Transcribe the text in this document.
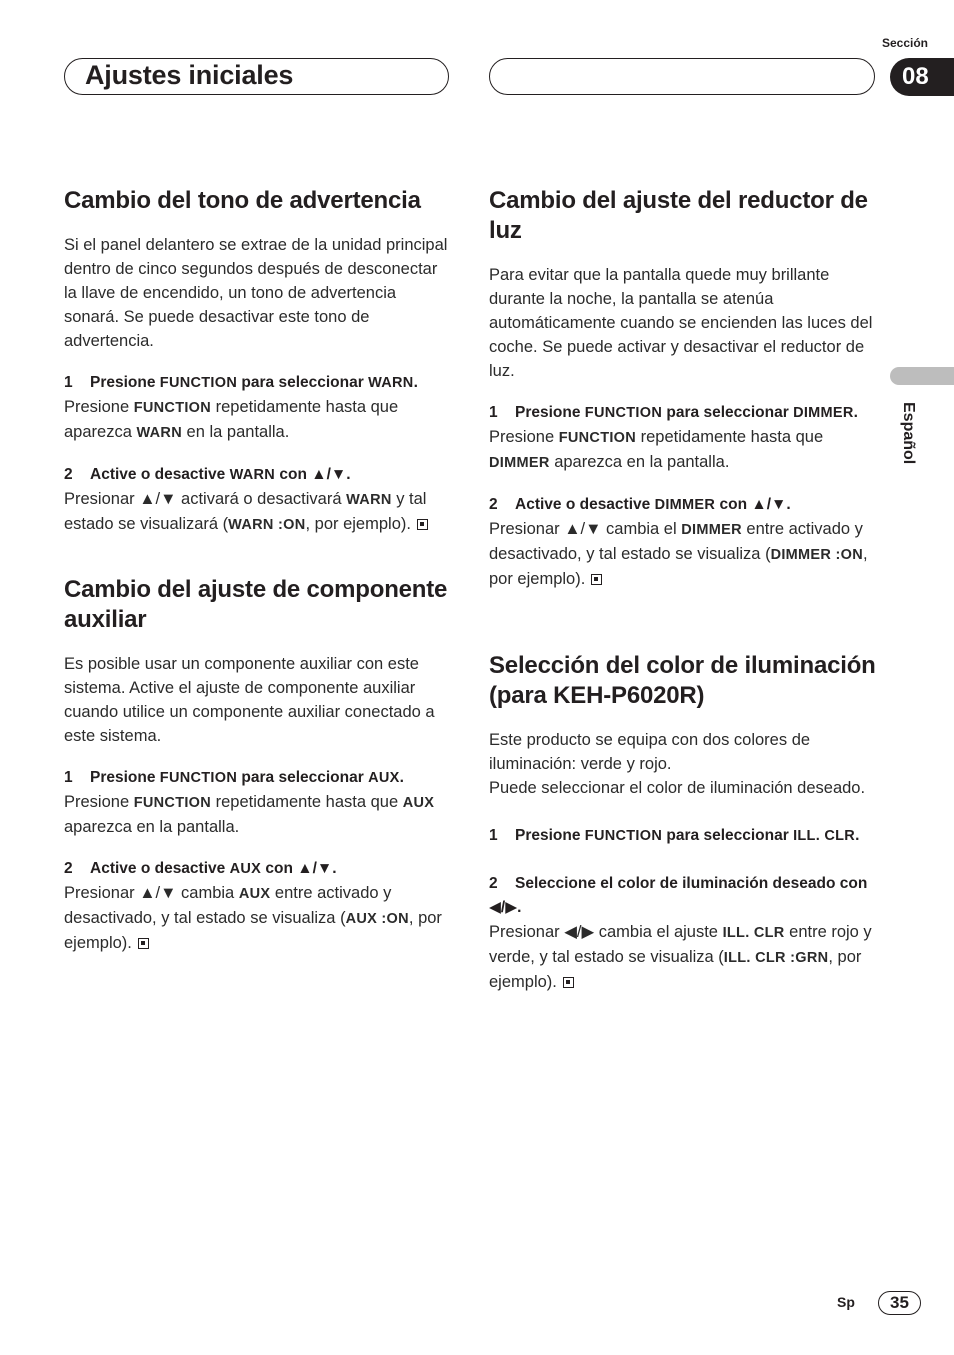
Ajustes iniciales
Sección
08
Español
Cambio del tono de advertencia

Si el panel delantero se extrae de la unidad principal dentro de cinco segundos después de desconectar la llave de encendido, un tono de advertencia sonará. Se puede desactivar este tono de advertencia.

1 Presione FUNCTION para seleccionar WARN.

Presione FUNCTION repetidamente hasta que aparezca WARN en la pantalla.

2 Active o desactive WARN con ▲/▼.

Presionar ▲/▼ activará o desactivará WARN y tal estado se visualizará (WARN :ON, por ejemplo).

Cambio del ajuste de componente auxiliar

Es posible usar un componente auxiliar con este sistema. Active el ajuste de componente auxiliar cuando utilice un componente auxiliar conectado a este sistema.

1 Presione FUNCTION para seleccionar AUX.

Presione FUNCTION repetidamente hasta que AUX aparezca en la pantalla.

2 Active o desactive AUX con ▲/▼.

Presionar ▲/▼ cambia AUX entre activado y desactivado, y tal estado se visualiza (AUX :ON, por ejemplo).

Cambio del ajuste del reductor de luz

Para evitar que la pantalla quede muy brillante durante la noche, la pantalla se atenúa automáticamente cuando se encienden las luces del coche. Se puede activar y desactivar el reductor de luz.

1 Presione FUNCTION para seleccionar DIMMER.

Presione FUNCTION repetidamente hasta que DIMMER aparezca en la pantalla.

2 Active o desactive DIMMER con ▲/▼.

Presionar ▲/▼ cambia el DIMMER entre activado y desactivado, y tal estado se visualiza (DIMMER :ON, por ejemplo).

Selección del color de iluminación (para KEH-P6020R)

Este producto se equipa con dos colores de iluminación: verde y rojo.

Puede seleccionar el color de iluminación deseado.

1 Presione FUNCTION para seleccionar ILL. CLR.

2 Seleccione el color de iluminación deseado con ◀/▶.

Presionar ◀/▶ cambia el ajuste ILL. CLR entre rojo y verde, y tal estado se visualiza (ILL. CLR :GRN, por ejemplo).

Sp	35
